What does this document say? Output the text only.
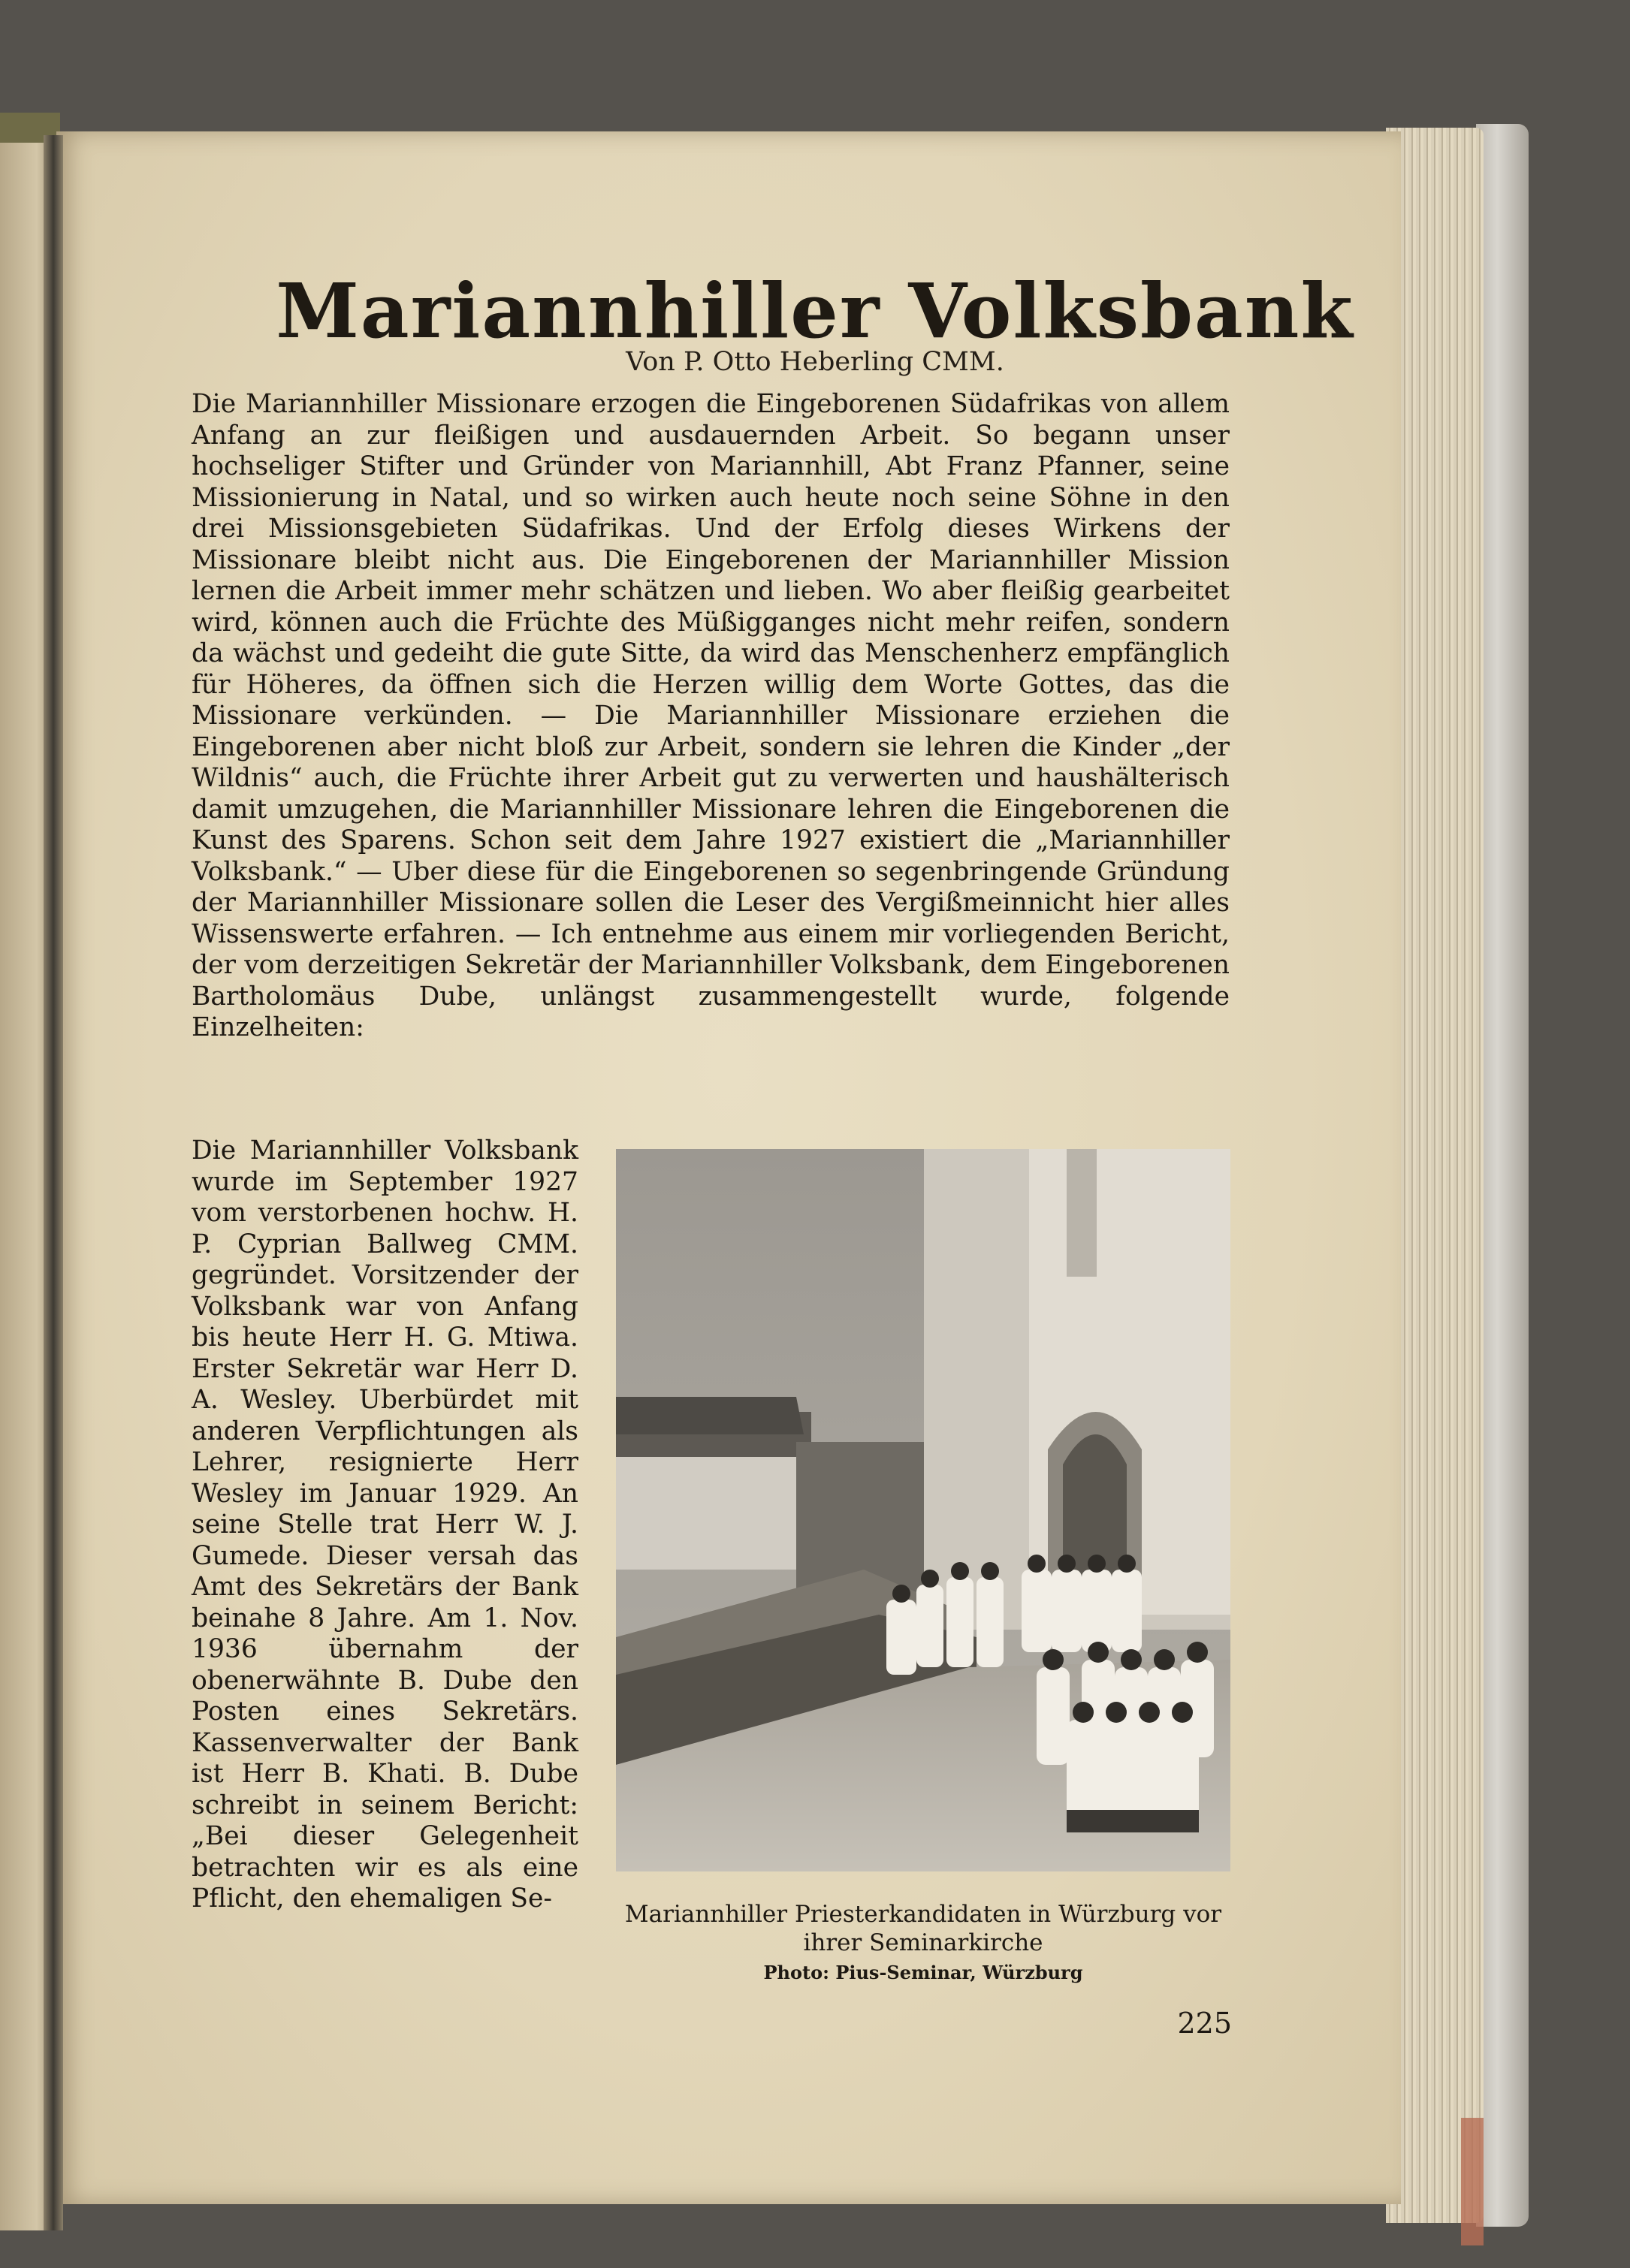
Mariannhiller Volksbank
Von P. Otto Heberling CMM.

Die Mariannhiller Missionare erzogen die Eingeborenen Südafrikas von allem Anfang an zur fleißigen und ausdauernden Arbeit. So begann unser hochseliger Stifter und Gründer von Mariannhill, Abt Franz Pfanner, seine Missionierung in Natal, und so wirken auch heute noch seine Söhne in den drei Missionsgebieten Südafrikas. Und der Erfolg dieses Wirkens der Missionare bleibt nicht aus. Die Eingeborenen der Mariannhiller Mission lernen die Arbeit immer mehr schätzen und lieben. Wo aber fleißig gearbeitet wird, können auch die Früchte des Müßigganges nicht mehr reifen, sondern da wächst und gedeiht die gute Sitte, da wird das Menschenherz empfänglich für Höheres, da öffnen sich die Herzen willig dem Worte Gottes, das die Missionare verkünden. — Die Mariannhiller Missionare erziehen die Eingeborenen aber nicht bloß zur Arbeit, sondern sie lehren die Kinder „der Wildnis“ auch, die Früchte ihrer Arbeit gut zu verwerten und haushälterisch damit umzugehen, die Mariannhiller Missionare lehren die Eingeborenen die Kunst des Sparens. Schon seit dem Jahre 1927 existiert die „Mariannhiller Volksbank.“ — Uber diese für die Eingeborenen so segenbringende Gründung der Mariannhiller Missionare sollen die Leser des Vergißmeinnicht hier alles Wissenswerte erfahren. — Ich entnehme aus einem mir vorliegenden Bericht, der vom derzeitigen Sekretär der Mariannhiller Volksbank, dem Eingeborenen Bartholomäus Dube, unlängst zusammengestellt wurde, folgende Einzelheiten:

Die Mariannhiller Volksbank wurde im September 1927 vom verstorbenen hochw. H. P. Cyprian Ballweg CMM. gegründet. Vorsitzender der Volksbank war von Anfang bis heute Herr H. G. Mtiwa. Erster Sekretär war Herr D. A. Wesley. Uberbürdet mit anderen Verpflichtungen als Lehrer, resignierte Herr Wesley im Januar 1929. An seine Stelle trat Herr W. J. Gumede. Dieser versah das Amt des Sekretärs der Bank beinahe 8 Jahre. Am 1. Nov. 1936 übernahm der obenerwähnte B. Dube den Posten eines Sekretärs. Kassenverwalter der Bank ist Herr B. Khati. B. Dube schreibt in seinem Bericht: „Bei dieser Gelegenheit betrachten wir es als eine Pflicht, den ehemaligen Se-

Mariannhiller Priesterkandidaten in Würzburg vor ihrer Seminarkirche
Photo: Pius-Seminar, Würzburg
225
